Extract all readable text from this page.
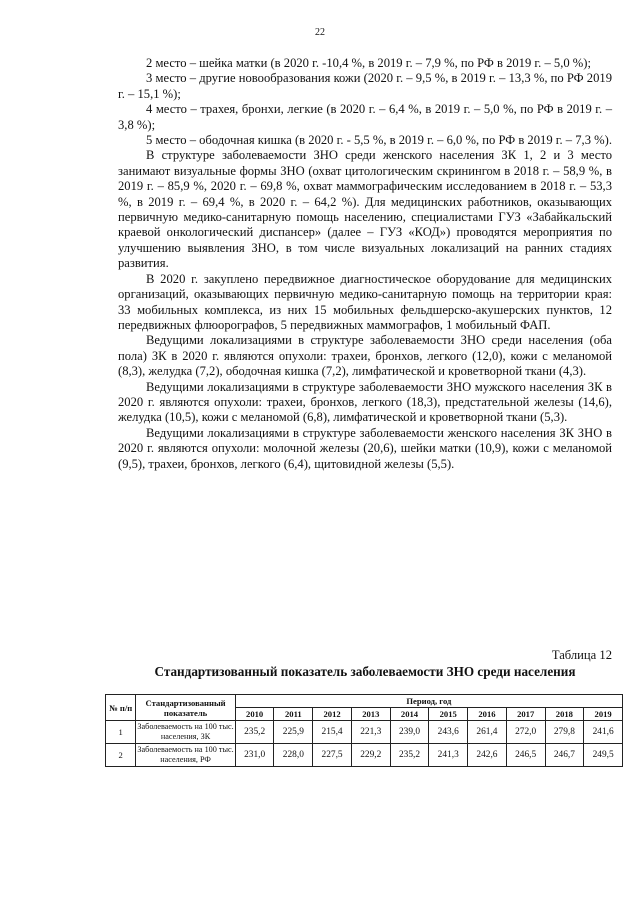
22

2 место – шейка матки (в 2020 г. -10,4 %, в 2019 г. – 7,9 %, по РФ в 2019 г. – 5,0 %);

3 место – другие новообразования кожи (2020 г. – 9,5 %, в 2019 г. – 13,3 %, по РФ 2019 г. – 15,1 %);

4 место – трахея, бронхи, легкие (в 2020 г. – 6,4 %, в 2019 г. – 5,0 %, по РФ в 2019 г. – 3,8 %);

5 место – ободочная кишка (в 2020 г. - 5,5 %, в 2019 г. – 6,0 %, по РФ в 2019 г. – 7,3 %).

В структуре заболеваемости ЗНО среди женского населения ЗК 1, 2 и 3 место занимают визуальные формы ЗНО (охват цитологическим скринингом в 2018 г. – 58,9 %, в 2019 г. – 85,9 %, 2020 г. – 69,8 %, охват маммографическим исследованием в 2018 г. – 53,3 %, в 2019 г. – 69,4 %, в 2020 г. – 64,2 %). Для медицинских работников, оказывающих первичную медико-санитарную помощь населению, специалистами ГУЗ «Забайкальский краевой онкологический диспансер» (далее – ГУЗ «КОД») проводятся мероприятия по улучшению выявления ЗНО, в том числе визуальных локализаций на ранних стадиях развития.

В 2020 г. закуплено передвижное диагностическое оборудование для медицинских организаций, оказывающих первичную медико-санитарную помощь на территории края: 33 мобильных комплекса, из них 15 мобильных фельдшерско-акушерских пунктов, 12 передвижных флюорографов, 5 передвижных маммографов, 1 мобильный ФАП.

Ведущими локализациями в структуре заболеваемости ЗНО среди населения (оба пола) ЗК в 2020 г. являются опухоли: трахеи, бронхов, легкого (12,0), кожи с меланомой (8,3), желудка (7,2), ободочная кишка (7,2), лимфатической и кроветворной ткани (4,3).

Ведущими локализациями в структуре заболеваемости ЗНО мужского населения ЗК в 2020 г. являются опухоли: трахеи, бронхов, легкого (18,3), предстательной железы (14,6), желудка (10,5), кожи с меланомой (6,8), лимфатической и кроветворной ткани (5,3).

Ведущими локализациями в структуре заболеваемости женского населения ЗК ЗНО в 2020 г. являются опухоли: молочной железы (20,6), шейки матки (10,9), кожи с меланомой (9,5), трахеи, бронхов, легкого (6,4), щитовидной железы (5,5).

Таблица 12
Стандартизованный показатель заболеваемости ЗНО среди населения
№ п/п	Стандартизованный показатель	Период, год									
		2010	2011	2012	2013	2014	2015	2016	2017	2018	2019
1	Заболеваемость на 100 тыс. населения, ЗК	235,2	225,9	215,4	221,3	239,0	243,6	261,4	272,0	279,8	241,6
2	Заболеваемость на 100 тыс. населения, РФ	231,0	228,0	227,5	229,2	235,2	241,3	242,6	246,5	246,7	249,5
